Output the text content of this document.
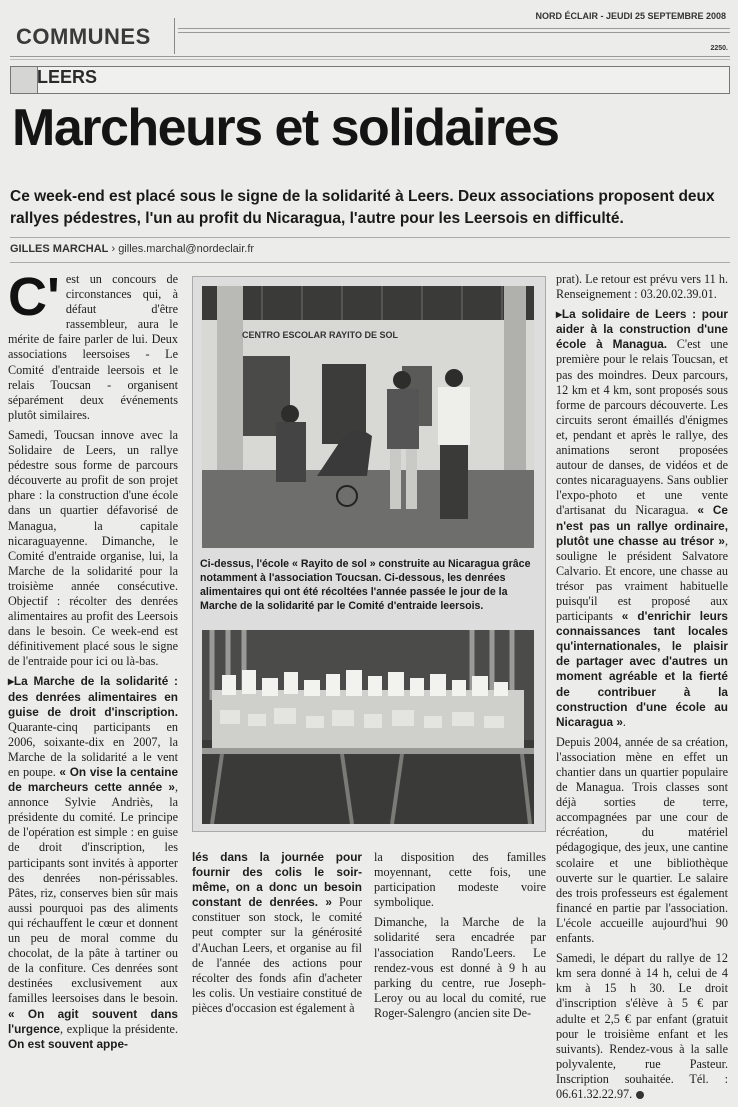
COMMUNES
NORD ÉCLAIR - JEUDI 25 SEPTEMBRE 2008
2250.
LEERS
Marcheurs et solidaires
Ce week-end est placé sous le signe de la solidarité à Leers. Deux associations proposent deux rallyes pédestres, l'un au profit du Nicaragua, l'autre pour les Leersois en difficulté.
GILLES MARCHAL › gilles.marchal@nordeclair.fr

C' est un concours de circonstances qui, à défaut d'être rassembleur, aura le mérite de faire parler de lui. Deux associations leersoises - Le Comité d'entraide leersois et le relais Toucsan - organisent séparément deux événements plutôt similaires.

Samedi, Toucsan innove avec la Solidaire de Leers, un rallye pédestre sous forme de parcours découverte au profit de son projet phare : la construction d'une école dans un quartier défavorisé de Managua, la capitale nicaraguayenne. Dimanche, le Comité d'entraide organise, lui, la Marche de la solidarité pour la troisième année consécutive. Objectif : récolter des denrées alimentaires au profit des Leersois dans le besoin. Ce week-end est définitivement placé sous le signe de l'entraide pour ici ou là-bas.

▸ La Marche de la solidarité : des denrées alimentaires en guise de droit d'inscription. Quarante-cinq participants en 2006, soixante-dix en 2007, la Marche de la solidarité a le vent en poupe. « On vise la centaine de marcheurs cette année », annonce Sylvie Andriès, la présidente du comité. Le principe de l'opération est simple : en guise de droit d'inscription, les participants sont invités à apporter des denrées non-périssables. Pâtes, riz, conserves bien sûr mais aussi pourquoi pas des aliments qui réchauffent le cœur et donnent un peu de moral comme du chocolat, de la pâte à tartiner ou de la confiture. Ces denrées sont destinées exclusivement aux familles leersoises dans le besoin. « On agit souvent dans l'urgence, explique la présidente. On est souvent appe-

CENTRO ESCOLAR RAYITO DE SOL
Ci-dessus, l'école « Rayito de sol » construite au Nicaragua grâce notamment à l'association Toucsan. Ci-dessous, les denrées alimentaires qui ont été récoltées l'année passée le jour de la Marche de la solidarité par le Comité d'entraide leersois.

lés dans la journée pour fournir des colis le soir-même, on a donc un besoin constant de denrées. » Pour constituer son stock, le comité peut compter sur la générosité d'Auchan Leers, et organise au fil de l'année des actions pour récolter des fonds afin d'acheter les colis. Un vestiaire constitué de pièces d'occasion est également à

la disposition des familles moyennant, cette fois, une participation modeste voire symbolique.

Dimanche, la Marche de la solidarité sera encadrée par l'association Rando'Leers. Le rendez-vous est donné à 9 h au parking du centre, rue Joseph-Leroy ou au local du comité, rue Roger-Salengro (ancien site De-

prat). Le retour est prévu vers 11 h. Renseignement : 03.20.02.39.01.

▸ La solidaire de Leers : pour aider à la construction d'une école à Managua. C'est une première pour le relais Toucsan, et pas des moindres. Deux parcours, 12 km et 4 km, sont proposés sous forme de parcours découverte. Les circuits seront émaillés d'énigmes et, pendant et après le rallye, des animations seront proposées autour de danses, de vidéos et de contes nicaraguayens. Sans oublier l'expo-photo et une vente d'artisanat du Nicaragua. « Ce n'est pas un rallye ordinaire, plutôt une chasse au trésor », souligne le président Salvatore Calvario. Et encore, une chasse au trésor pas vraiment habituelle puisqu'il est proposé aux participants « d'enrichir leurs connaissances tant locales qu'internationales, le plaisir de partager avec d'autres un moment agréable et la fierté de contribuer à la construction d'une école au Nicaragua ».

Depuis 2004, année de sa création, l'association mène en effet un chantier dans un quartier populaire de Managua. Trois classes sont déjà sorties de terre, accompagnées par une cour de récréation, du matériel pédagogique, des jeux, une cantine scolaire et une bibliothèque ouverte sur le quartier. Le salaire des trois professeurs est également financé en partie par l'association. L'école accueille aujourd'hui 90 enfants.

Samedi, le départ du rallye de 12 km sera donné à 14 h, celui de 4 km à 15 h 30. Le droit d'inscription s'élève à 5 € par adulte et 2,5 € par enfant (gratuit pour le troisième enfant et les suivants). Rendez-vous à la salle polyvalente, rue Pasteur. Inscription souhaitée. Tél. : 06.61.32.22.97.
